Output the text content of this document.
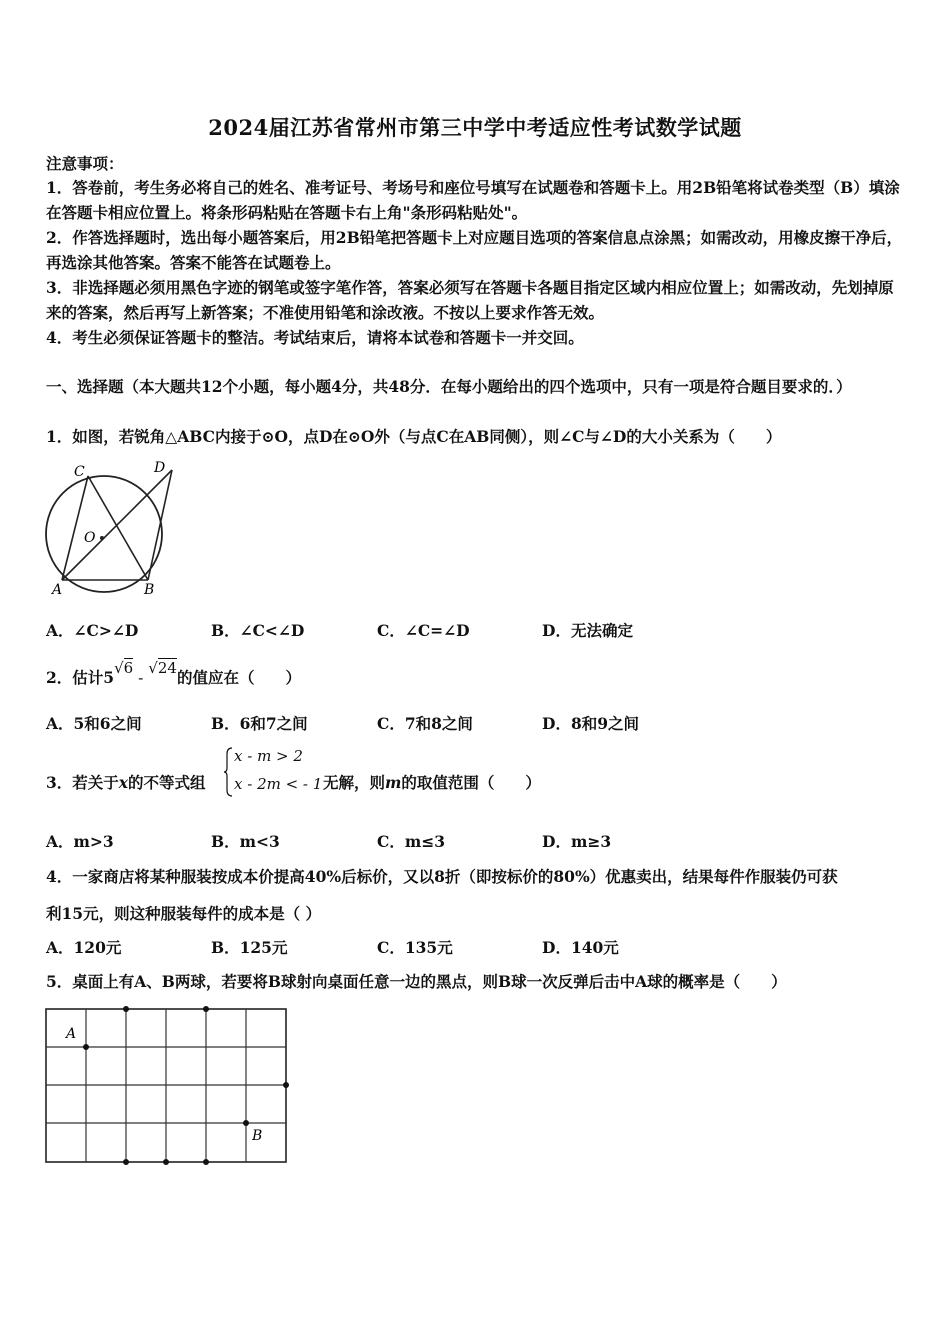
2024届江苏省常州市第三中学中考适应性考试数学试题
注意事项：
1．答卷前，考生务必将自己的姓名、准考证号、考场号和座位号填写在试题卷和答题卡上。用2B铅笔将试卷类型（B）填涂在答题卡相应位置上。将条形码粘贴在答题卡右上角"条形码粘贴处"。
2．作答选择题时，选出每小题答案后，用2B铅笔把答题卡上对应题目选项的答案信息点涂黑；如需改动，用橡皮擦干净后，再选涂其他答案。答案不能答在试题卷上。
3．非选择题必须用黑色字迹的钢笔或签字笔作答，答案必须写在答题卡各题目指定区域内相应位置上；如需改动，先划掉原来的答案，然后再写上新答案；不准使用铅笔和涂改液。不按以上要求作答无效。
4．考生必须保证答题卡的整洁。考试结束后，请将本试卷和答题卡一并交回。
一、选择题（本大题共12个小题，每小题4分，共48分．在每小题给出的四个选项中，只有一项是符合题目要求的．）
1．如图，若锐角△ABC内接于⊙O，点D在⊙O外（与点C在AB同侧），则∠C与∠D的大小关系为（　　）
C	D
O
A	B
A．∠C>∠D	B．∠C<∠D	C．∠C=∠D	D．无法确定
2．估计5√6 - √24的值应在（　　）
A．5和6之间	B．6和7之间	C．7和8之间	D．8和9之间
3．若关于x的不等式组
x - m > 2
x - 2m < - 1 无解，则m的取值范围（　　）
A．m>3	B．m<3	C．m≤3	D．m≥3
4．一家商店将某种服装按成本价提高40%后标价，又以8折（即按标价的80%）优惠卖出，结果每件作服装仍可获
利15元，则这种服装每件的成本是（ ）
A．120元	B．125元	C．135元	D．140元
5．桌面上有A、B两球，若要将B球射向桌面任意一边的黑点，则B球一次反弹后击中A球的概率是（　　）
A
B
